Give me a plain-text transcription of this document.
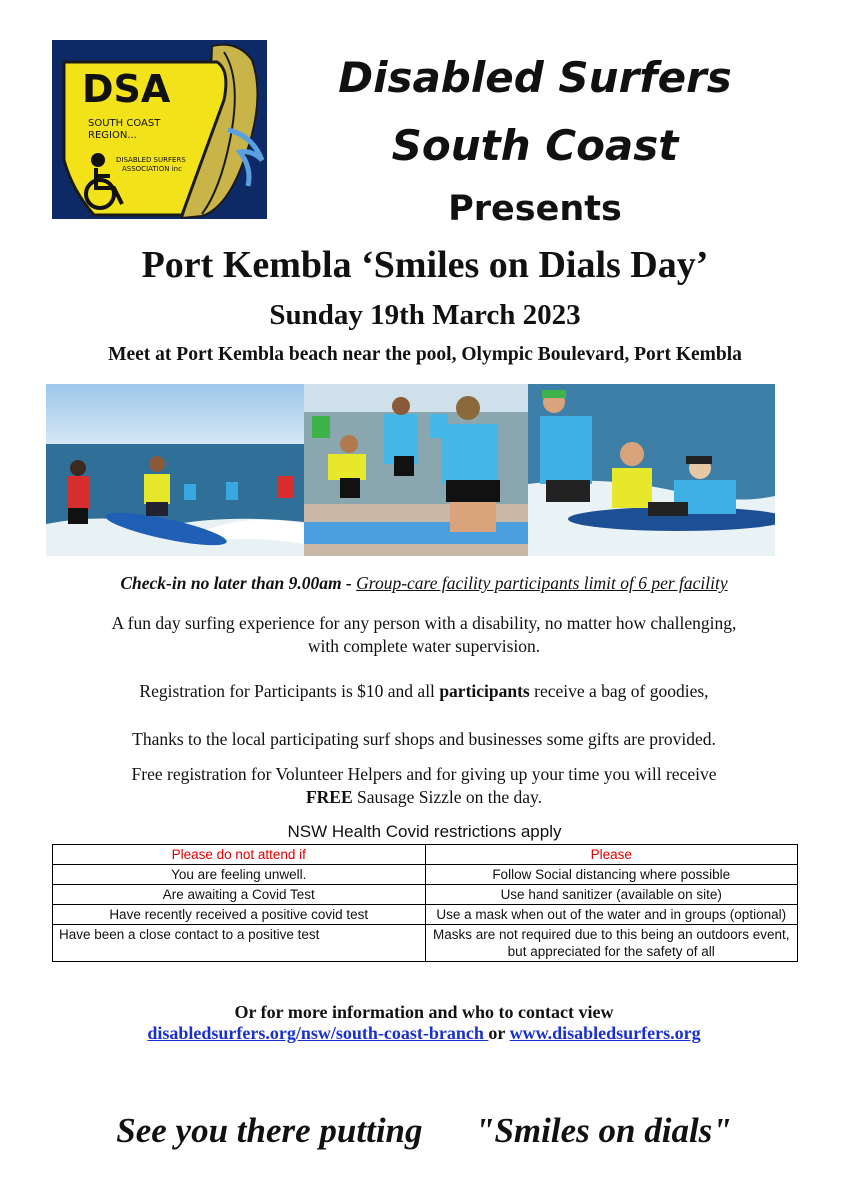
DSA
SOUTH COAST
REGION...
DISABLED SURFERS
ASSOCIATION inc
Disabled Surfers
South Coast
Presents
Port Kembla ‘Smiles on Dials Day’
Sunday 19th March 2023
Meet at Port Kembla beach near the pool, Olympic Boulevard, Port Kembla
Check-in no later than 9.00am - Group-care facility participants limit of 6 per facility
A fun day surfing experience for any person with a disability, no matter how challenging,
with complete water supervision.
Registration for Participants is $10 and all participants receive a bag of goodies,
Thanks to the local participating surf shops and businesses some gifts are provided.
Free registration for Volunteer Helpers and for giving up your time you will receive
FREE Sausage Sizzle on the day.
NSW Health Covid restrictions apply
Please do not attend if	Please
You are feeling unwell.	Follow Social distancing where possible
Are awaiting a Covid Test	Use hand sanitizer (available on site)
Have recently received a positive covid test	Use a mask when out of the water and in groups (optional)
Have been a close contact to a positive test	Masks are not required due to this being an outdoors event, but appreciated for the safety of all
Or for more information and who to contact view
disabledsurfers.org/nsw/south-coast-branch or www.disabledsurfers.org
See you there putting "Smiles on dials"
